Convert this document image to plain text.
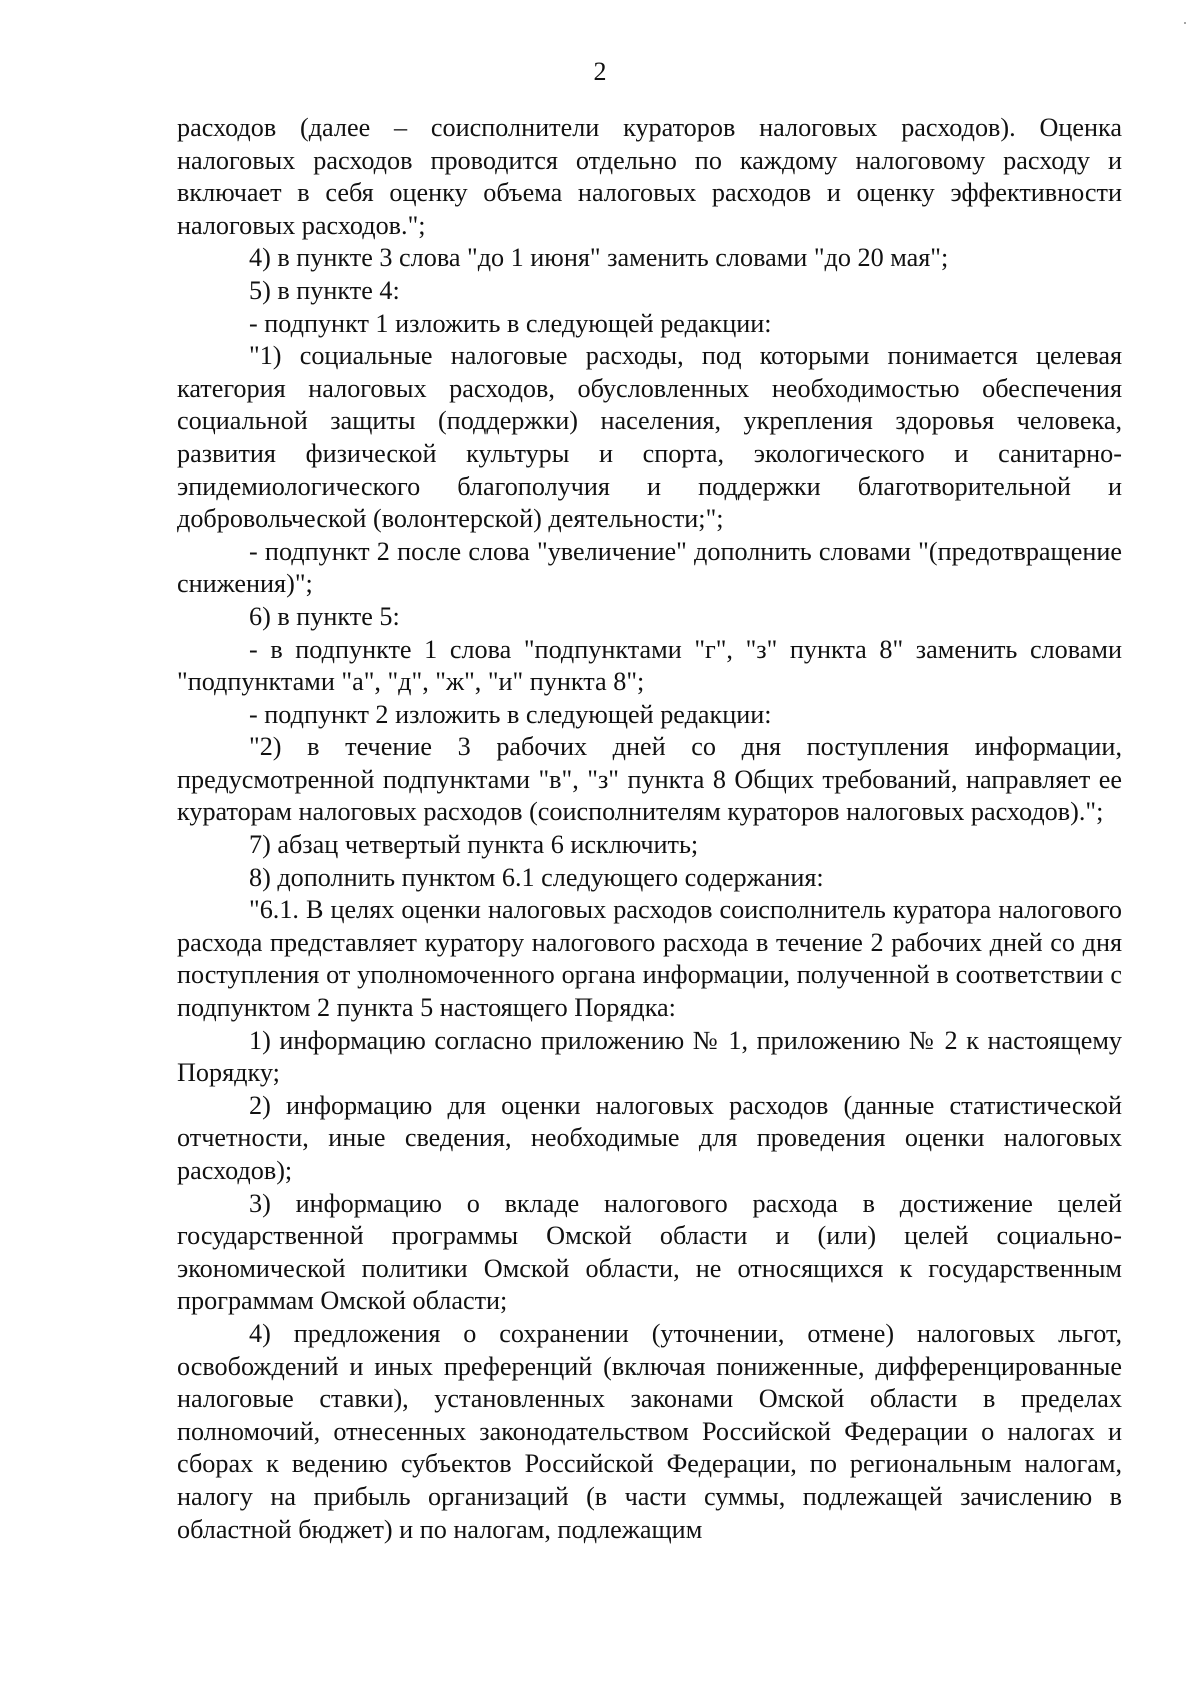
2

расходов (далее – соисполнители кураторов налоговых расходов). Оценка налоговых расходов проводится отдельно по каждому налоговому расходу и включает в себя оценку объема налоговых расходов и оценку эффективности налоговых расходов.";

4) в пункте 3 слова "до 1 июня" заменить словами "до 20 мая";

5) в пункте 4:

- подпункт 1 изложить в следующей редакции:

"1) социальные налоговые расходы, под которыми понимается целевая категория налоговых расходов, обусловленных необходимостью обеспечения социальной защиты (поддержки) населения, укрепления здоровья человека, развития физической культуры и спорта, экологического и санитарно-эпидемиологического благополучия и поддержки благотворительной и добровольческой (волонтерской) деятельности;";

- подпункт 2 после слова "увеличение" дополнить словами "(предотвращение снижения)";

6) в пункте 5:

- в подпункте 1 слова "подпунктами "г", "з" пункта 8" заменить словами "подпунктами "а", "д", "ж", "и" пункта 8";

- подпункт 2 изложить в следующей редакции:

"2) в течение 3 рабочих дней со дня поступления информации, предусмотренной подпунктами "в", "з" пункта 8 Общих требований, направляет ее кураторам налоговых расходов (соисполнителям кураторов налоговых расходов).";

7) абзац четвертый пункта 6 исключить;

8) дополнить пунктом 6.1 следующего содержания:

"6.1. В целях оценки налоговых расходов соисполнитель куратора налогового расхода представляет куратору налогового расхода в течение 2 рабочих дней со дня поступления от уполномоченного органа информации, полученной в соответствии с подпунктом 2 пункта 5 настоящего Порядка:

1) информацию согласно приложению № 1, приложению № 2 к настоящему Порядку;

2) информацию для оценки налоговых расходов (данные статистической отчетности, иные сведения, необходимые для проведения оценки налоговых расходов);

3) информацию о вкладе налогового расхода в достижение целей государственной программы Омской области и (или) целей социально-экономической политики Омской области, не относящихся к государственным программам Омской области;

4) предложения о сохранении (уточнении, отмене) налоговых льгот, освобождений и иных преференций (включая пониженные, дифференцированные налоговые ставки), установленных законами Омской области в пределах полномочий, отнесенных законодательством Российской Федерации о налогах и сборах к ведению субъектов Российской Федерации, по региональным налогам, налогу на прибыль организаций (в части суммы, подлежащей зачислению в областной бюджет) и по налогам, подлежащим
